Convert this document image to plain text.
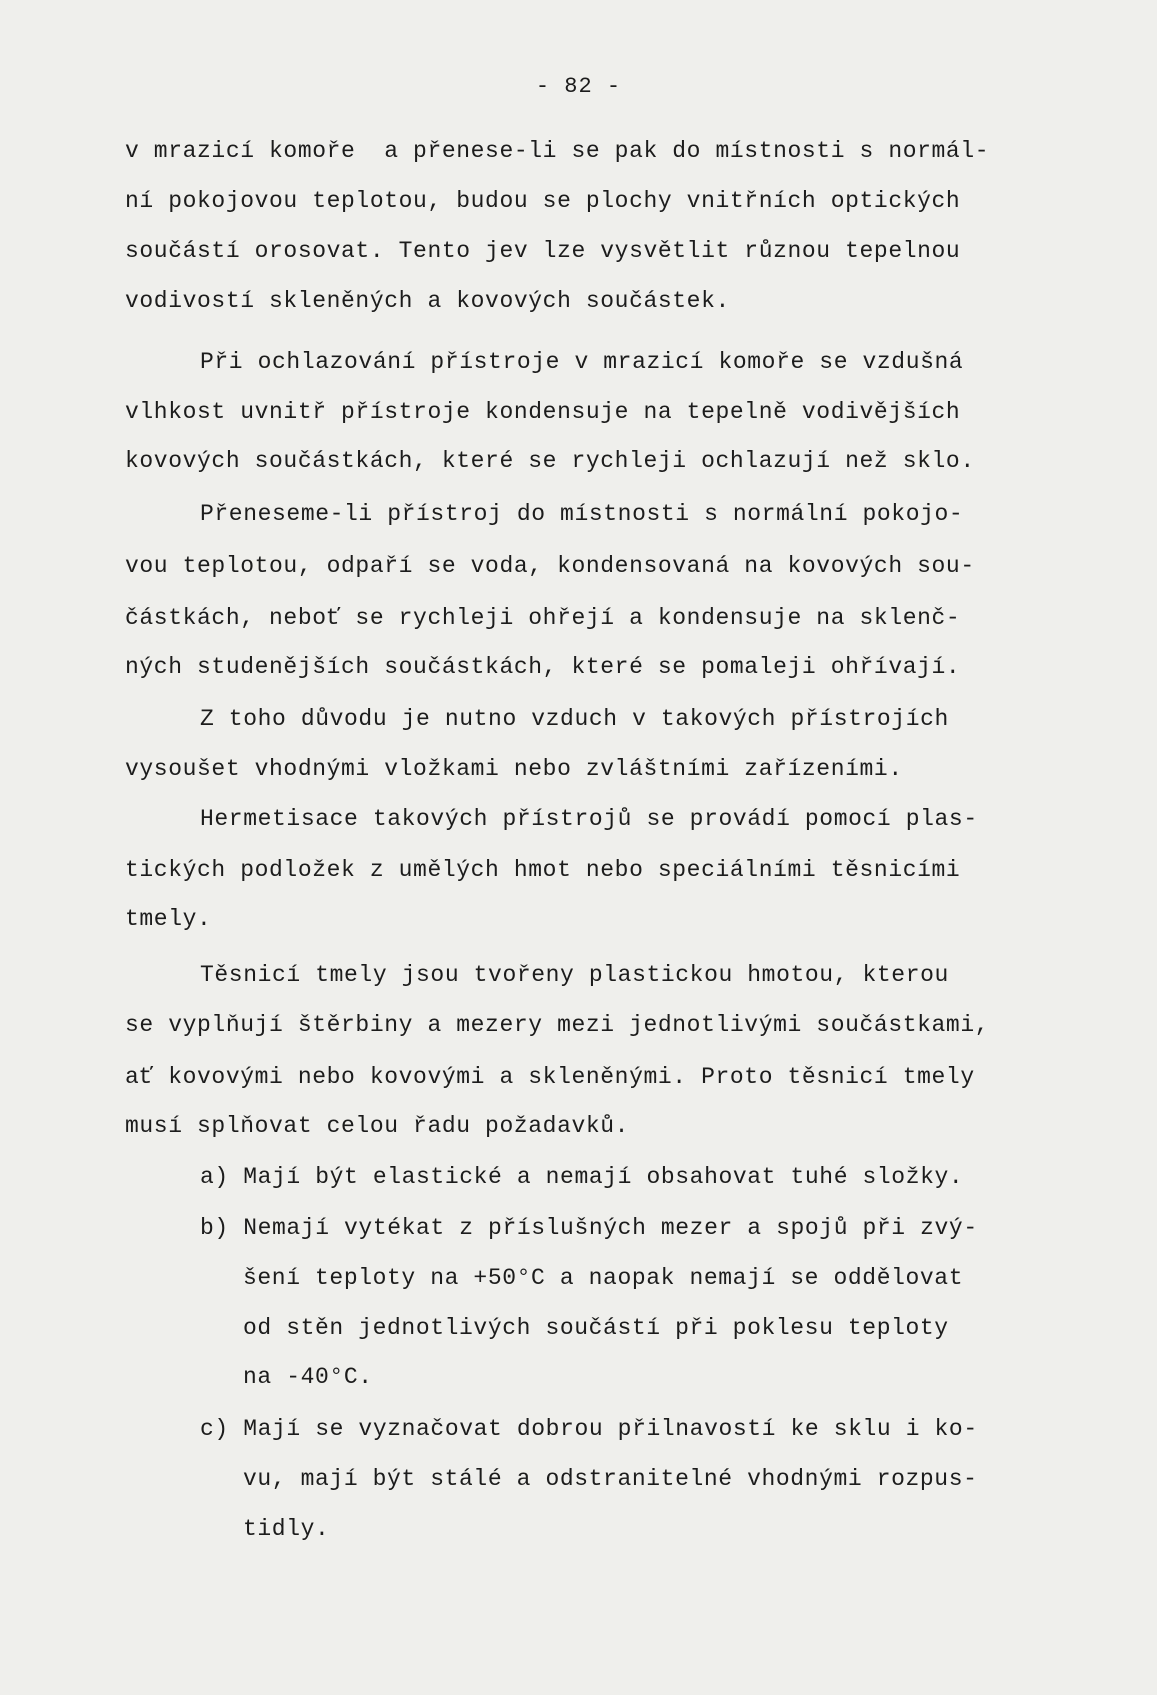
- 82 -
v mrazicí komoře  a přenese-li se pak do místnosti s normál-
ní pokojovou teplotou, budou se plochy vnitřních optických
součástí orosovat. Tento jev lze vysvětlit různou tepelnou
vodivostí skleněných a kovových součástek.
Při ochlazování přístroje v mrazicí komoře se vzdušná
vlhkost uvnitř přístroje kondensuje na tepelně vodivějších
kovových součástkách, které se rychleji ochlazují než sklo.
Přeneseme-li přístroj do místnosti s normální pokojo-
vou teplotou, odpaří se voda, kondensovaná na kovových sou-
částkách, neboť se rychleji ohřejí a kondensuje na sklenč-
ných studenějších součástkách, které se pomaleji ohřívají.
Z toho důvodu je nutno vzduch v takových přístrojích
vysoušet vhodnými vložkami nebo zvláštními zařízeními.
Hermetisace takových přístrojů se provádí pomocí plas-
tických podložek z umělých hmot nebo speciálními těsnicími
tmely.
Těsnicí tmely jsou tvořeny plastickou hmotou, kterou
se vyplňují štěrbiny a mezery mezi jednotlivými součástkami,
ať kovovými nebo kovovými a skleněnými. Proto těsnicí tmely
musí splňovat celou řadu požadavků.
a) Mají být elastické a nemají obsahovat tuhé složky.
b) Nemají vytékat z příslušných mezer a spojů při zvý-
šení teploty na +50°C a naopak nemají se oddělovat
od stěn jednotlivých součástí při poklesu teploty
na -40°C.
c) Mají se vyznačovat dobrou přilnavostí ke sklu i ko-
vu, mají být stálé a odstranitelné vhodnými rozpus-
tidly.
